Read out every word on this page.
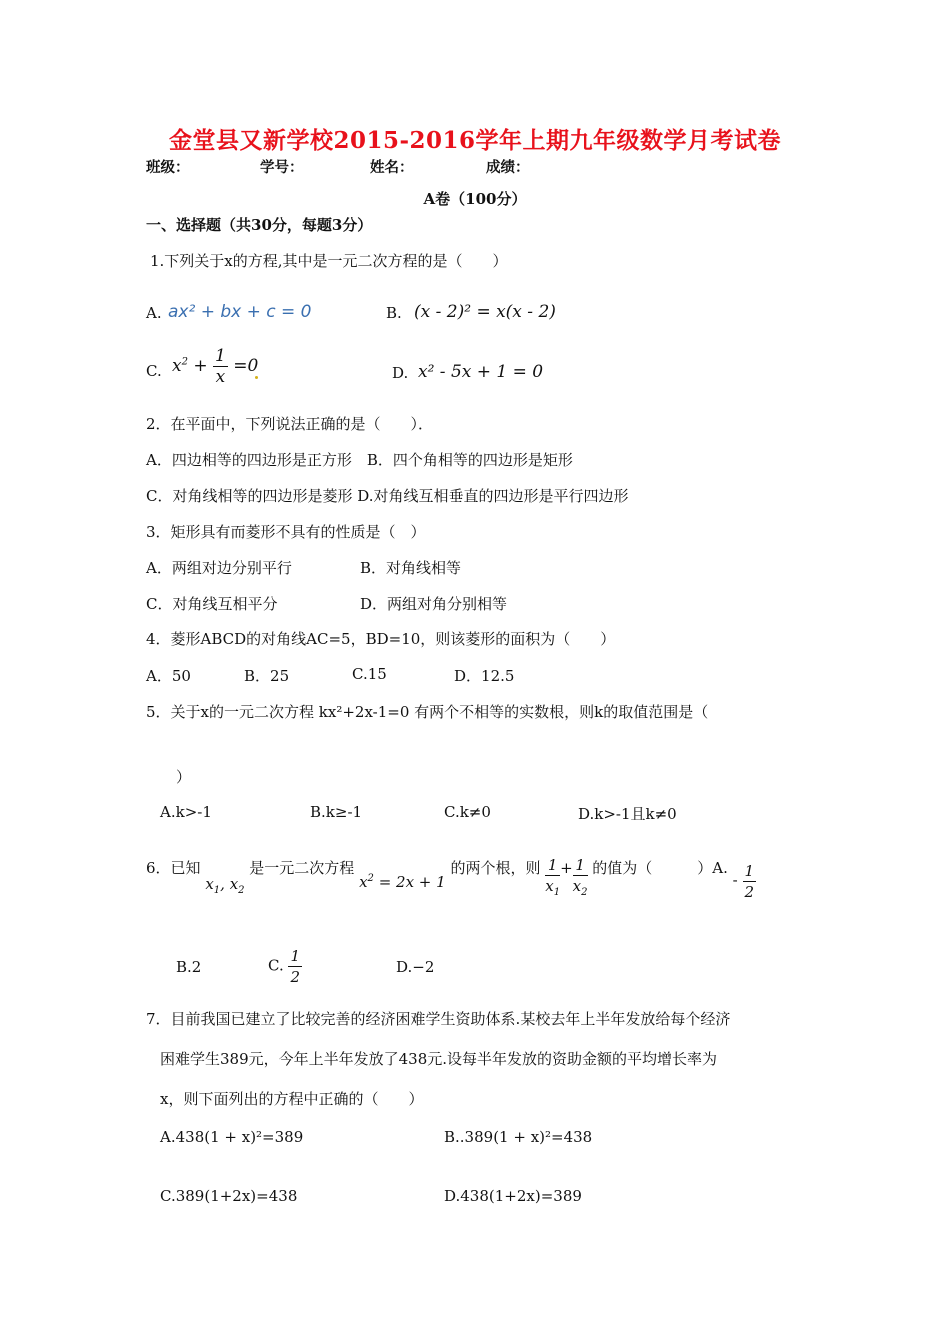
金堂县又新学校2015-2016学年上期九年级数学月考试卷
班级：	学号：	姓名：	成绩：
A卷（100分）
一、选择题（共30分，每题3分）
1.下列关于x的方程,其中是一元二次方程的是（　　）
A. ax² + bx + c = 0	B. (x - 2)² = x(x - 2)
C. $x^2 + \frac{1}{x} =0$	D. x² - 5x + 1 = 0
2．在平面中，下列说法正确的是（　　）．
A．四边相等的四边形是正方形　B．四个角相等的四边形是矩形
C．对角线相等的四边形是菱形 D.对角线互相垂直的四边形是平行四边形
3．矩形具有而菱形不具有的性质是（　）
A．两组对边分别平行	B．对角线相等
C．对角线互相平分	D．两组对角分别相等
4．菱形ABCD的对角线AC=5，BD=10，则该菱形的面积为（　　）
A．50	B．25	C.15	D．12.5
5．关于x的一元二次方程 kx²+2x-1=0 有两个不相等的实数根，则k的取值范围是（
）
A.k>-1	B.k≥-1	C.k≠0	D.k>-1且k≠0
6．已知 $x_1$, $x_2$ 是一元二次方程 $x^2 = 2x + 1$ 的两个根，则 $\frac{1}{x_1} + \frac{1}{x_2}$ 的值为（　　　）A. - $\frac{1}{2}$
B.2	C. $\frac{1}{2}$	D.−2
7．目前我国已建立了比较完善的经济困难学生资助体系.某校去年上半年发放给每个经济
困难学生389元，今年上半年发放了438元.设每半年发放的资助金额的平均增长率为
x，则下面列出的方程中正确的（　　）
A.438(1 + x)²=389	B..389(1 + x)²=438
C.389(1+2x)=438	D.438(1+2x)=389
